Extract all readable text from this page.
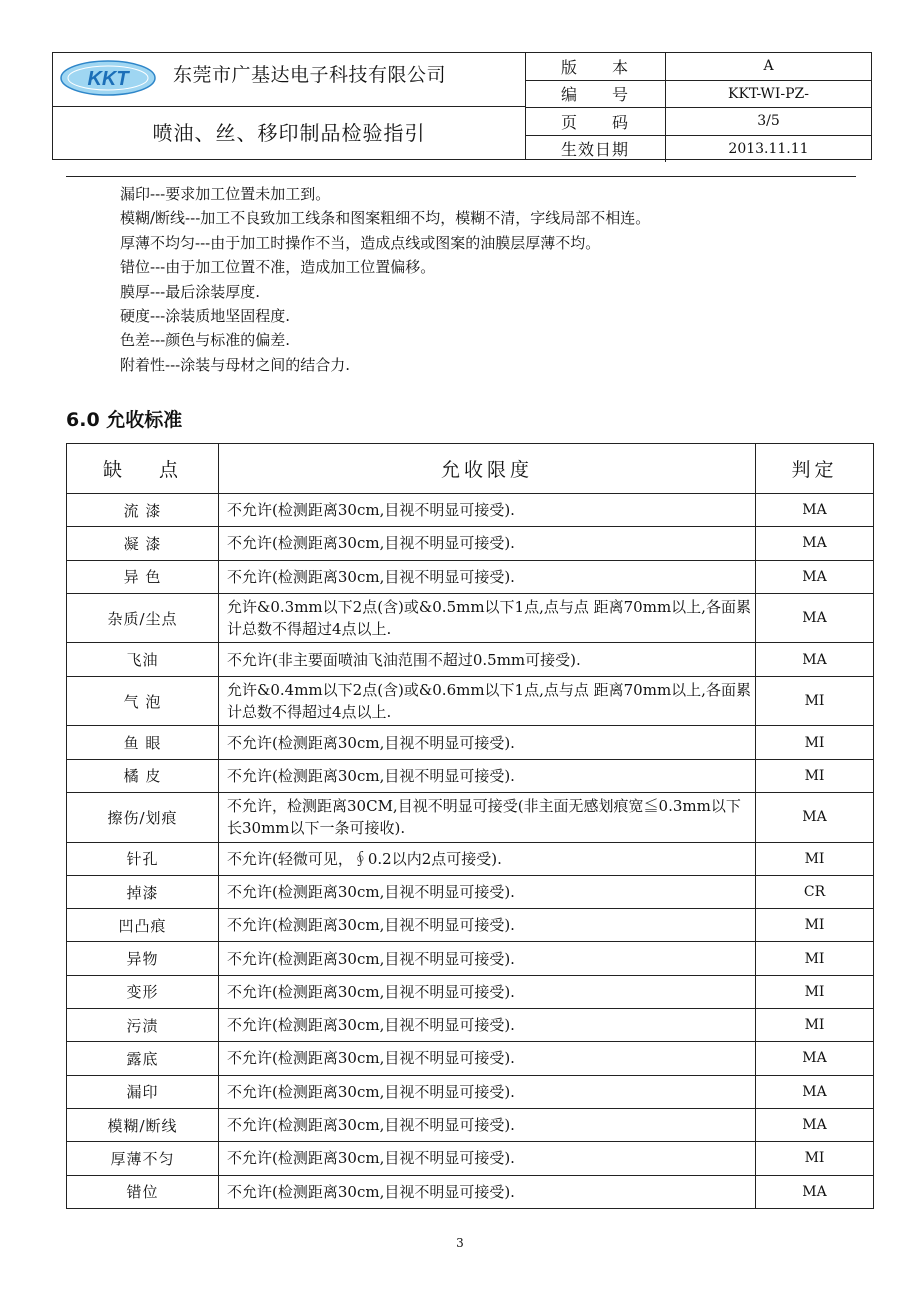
KKT 东莞市广基达电子科技有限公司
喷油、丝、移印制品检验指引
版 本	A
编 号	KKT-WI-PZ-
页 码	3/5
生效日期	2013.11.11
漏印---要求加工位置未加工到。
模糊/断线---加工不良致加工线条和图案粗细不均，模糊不清，字线局部不相连。
厚薄不均匀---由于加工时操作不当，造成点线或图案的油膜层厚薄不均。
错位---由于加工位置不准，造成加工位置偏移。
膜厚---最后涂装厚度.
硬度---涂装质地坚固程度.
色差---颜色与标准的偏差.
附着性---涂装与母材之间的结合力.
6.0 允收标准
缺　 点	允收限度	判定
流 漆	不允许(检测距离30cm,目视不明显可接受).	MA
凝 漆	不允许(检测距离30cm,目视不明显可接受).	MA
异 色	不允许(检测距离30cm,目视不明显可接受).	MA
杂质/尘点	允许&0.3mm以下2点(含)或&0.5mm以下1点,点与点 距离70mm以上,各面累计总数不得超过4点以上.	MA
飞油	不允许(非主要面喷油飞油范围不超过0.5mm可接受).	MA
气 泡	允许&0.4mm以下2点(含)或&0.6mm以下1点,点与点 距离70mm以上,各面累计总数不得超过4点以上.	MI
鱼 眼	不允许(检测距离30cm,目视不明显可接受).	MI
橘 皮	不允许(检测距离30cm,目视不明显可接受).	MI
擦伤/划痕	不允许，检测距离30CM,目视不明显可接受(非主面无感划痕宽≦0.3mm以下长30mm以下一条可接收).	MA
针孔	不允许(轻微可见，∮0.2以内2点可接受).	MI
掉漆	不允许(检测距离30cm,目视不明显可接受).	CR
凹凸痕	不允许(检测距离30cm,目视不明显可接受).	MI
异物	不允许(检测距离30cm,目视不明显可接受).	MI
变形	不允许(检测距离30cm,目视不明显可接受).	MI
污渍	不允许(检测距离30cm,目视不明显可接受).	MI
露底	不允许(检测距离30cm,目视不明显可接受).	MA
漏印	不允许(检测距离30cm,目视不明显可接受).	MA
模糊/断线	不允许(检测距离30cm,目视不明显可接受).	MA
厚薄不匀	不允许(检测距离30cm,目视不明显可接受).	MI
错位	不允许(检测距离30cm,目视不明显可接受).	MA
3
